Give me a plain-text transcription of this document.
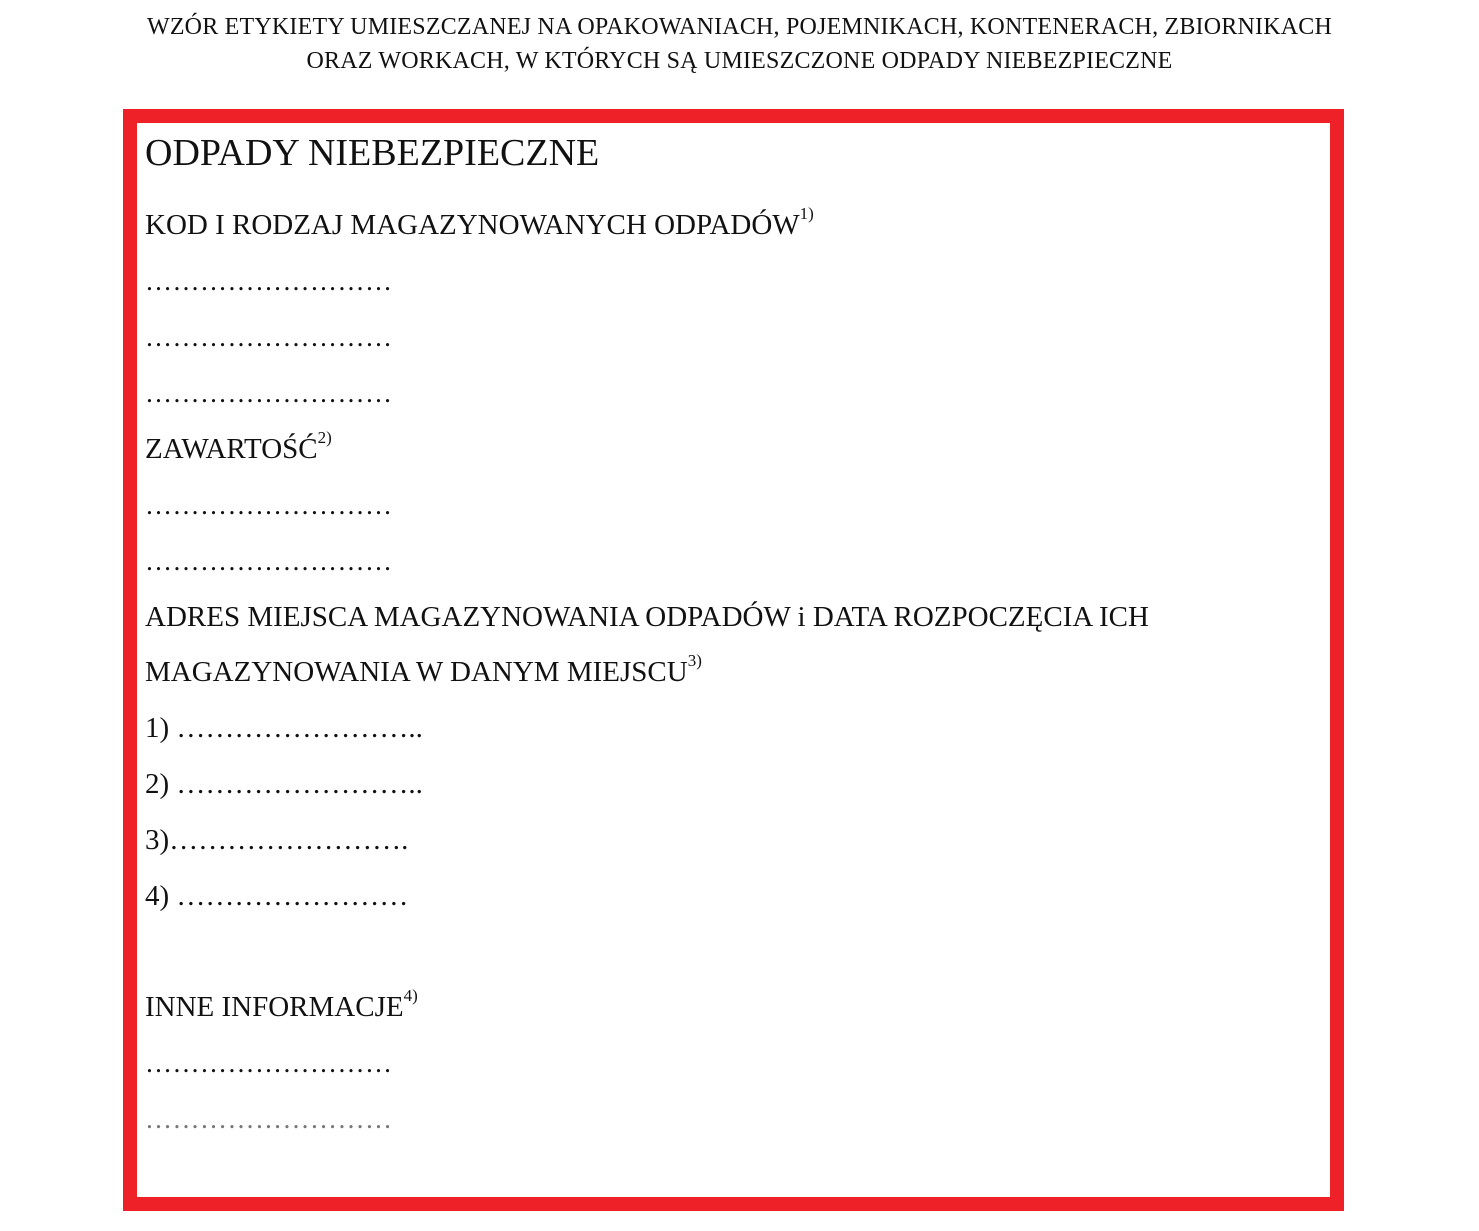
WZÓR ETYKIETY UMIESZCZANEJ NA OPAKOWANIACH, POJEMNIKACH, KONTENERACH, ZBIORNIKACH
ORAZ WORKACH, W KTÓRYCH SĄ UMIESZCZONE ODPADY NIEBEZPIECZNE
ODPADY NIEBEZPIECZNE
KOD I RODZAJ MAGAZYNOWANYCH ODPADÓW$^{1)}$
………………………
………………………
………………………
ZAWARTOŚĆ$^{2)}$
………………………
………………………
ADRES MIEJSCA MAGAZYNOWANIA ODPADÓW i DATA ROZPOCZĘCIA ICH
MAGAZYNOWANIA W DANYM MIEJSCU$^{3)}$
1) ……………………..
2) ……………………..
3)…………………….
4) ……………………
INNE INFORMACJE$^{4)}$
………………………
………………………
